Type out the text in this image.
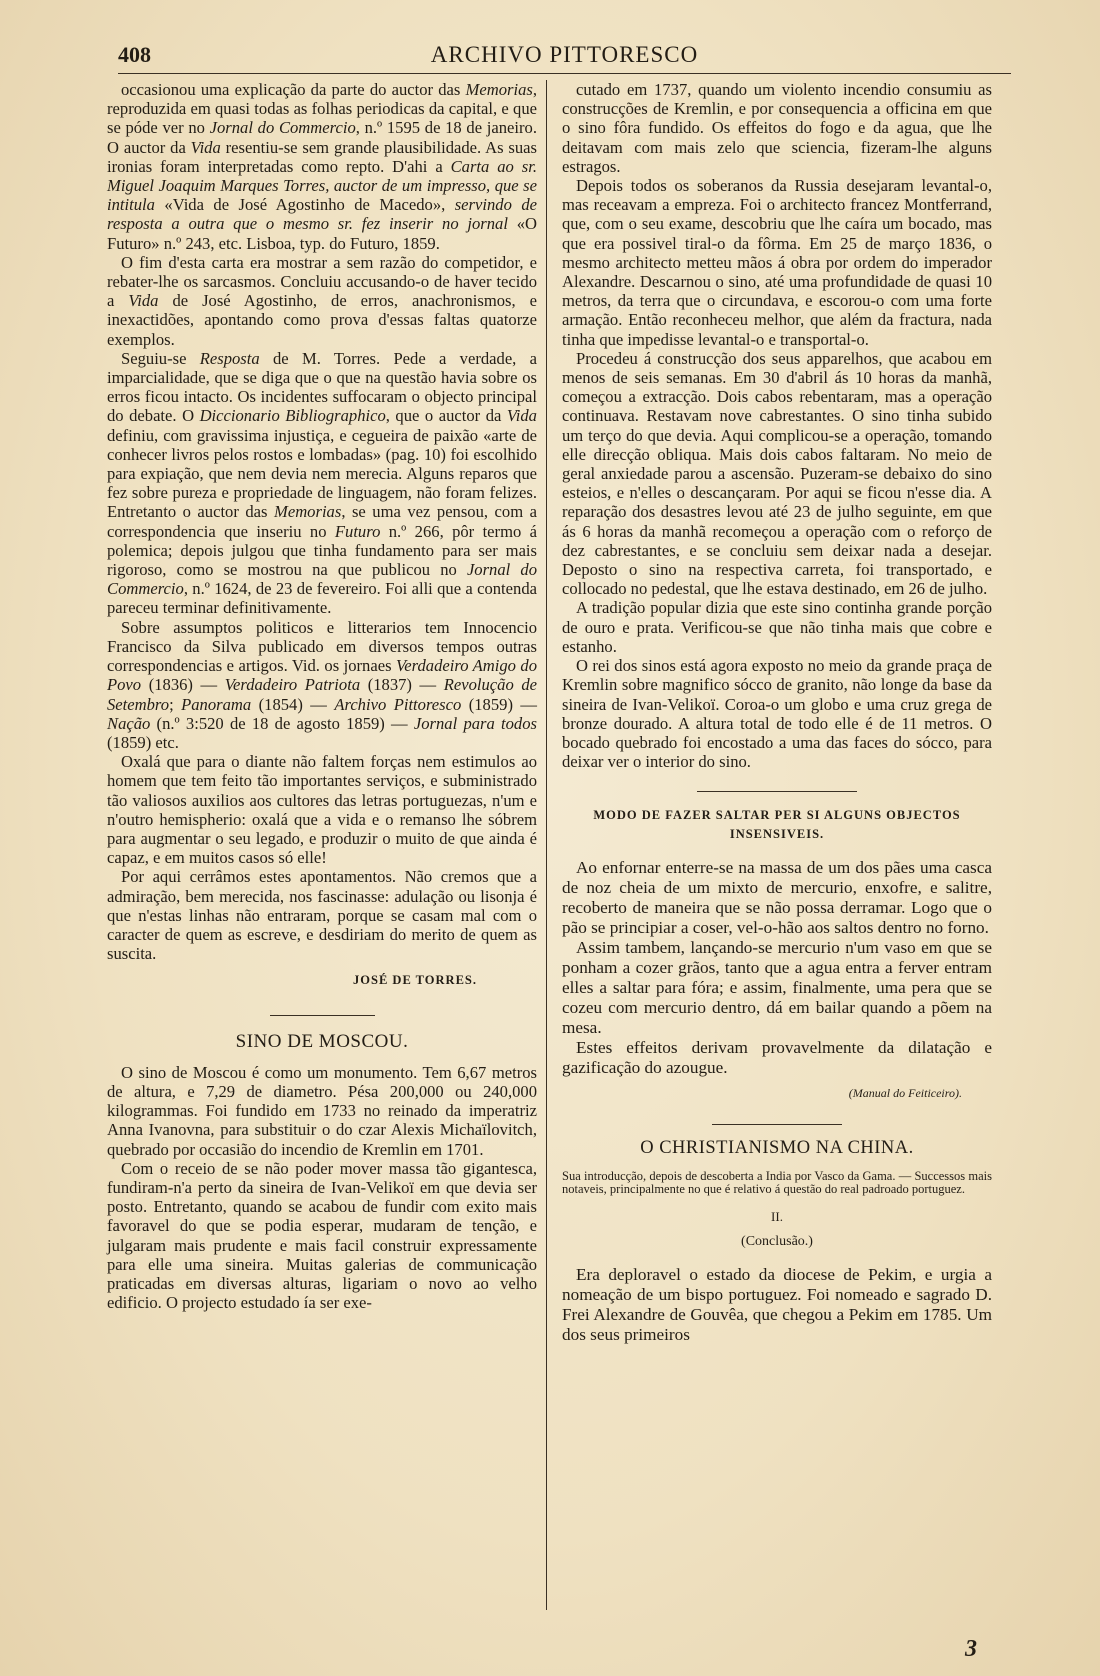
408	ARCHIVO PITTORESCO

occasionou uma explicação da parte do auctor das Memorias, reproduzida em quasi todas as folhas periodicas da capital, e que se póde ver no Jornal do Commercio, n.º 1595 de 18 de janeiro. O auctor da Vida resentiu-se sem grande plausibilidade. As suas ironias foram interpretadas como repto. D'ahi a Carta ao sr. Miguel Joaquim Marques Torres, auctor de um impresso, que se intitula «Vida de José Agostinho de Macedo», servindo de resposta a outra que o mesmo sr. fez inserir no jornal «O Futuro» n.º 243, etc. Lisboa, typ. do Futuro, 1859.

O fim d'esta carta era mostrar a sem razão do competidor, e rebater-lhe os sarcasmos. Concluiu accusando-o de haver tecido a Vida de José Agostinho, de erros, anachronismos, e inexactidões, apontando como prova d'essas faltas quatorze exemplos.

Seguiu-se Resposta de M. Torres. Pede a verdade, a imparcialidade, que se diga que o que na questão havia sobre os erros ficou intacto. Os incidentes suffocaram o objecto principal do debate. O Diccionario Bibliographico, que o auctor da Vida definiu, com gravissima injustiça, e cegueira de paixão «arte de conhecer livros pelos rostos e lombadas» (pag. 10) foi escolhido para expiação, que nem devia nem merecia. Alguns reparos que fez sobre pureza e propriedade de linguagem, não foram felizes. Entretanto o auctor das Memorias, se uma vez pensou, com a correspondencia que inseriu no Futuro n.º 266, pôr termo á polemica; depois julgou que tinha fundamento para ser mais rigoroso, como se mostrou na que publicou no Jornal do Commercio, n.º 1624, de 23 de fevereiro. Foi alli que a contenda pareceu terminar definitivamente.

Sobre assumptos politicos e litterarios tem Innocencio Francisco da Silva publicado em diversos tempos outras correspondencias e artigos. Vid. os jornaes Verdadeiro Amigo do Povo (1836) — Verdadeiro Patriota (1837) — Revolução de Setembro; Panorama (1854) — Archivo Pittoresco (1859) — Nação (n.º 3:520 de 18 de agosto 1859) — Jornal para todos (1859) etc.

Oxalá que para o diante não faltem forças nem estimulos ao homem que tem feito tão importantes serviços, e subministrado tão valiosos auxilios aos cultores das letras portuguezas, n'um e n'outro hemispherio: oxalá que a vida e o remanso lhe sóbrem para augmentar o seu legado, e produzir o muito de que ainda é capaz, e em muitos casos só elle!

Por aqui cerrâmos estes apontamentos. Não cremos que a admiração, bem merecida, nos fascinasse: adulação ou lisonja é que n'estas linhas não entraram, porque se casam mal com o caracter de quem as escreve, e desdiriam do merito de quem as suscita.

JOSÉ DE TORRES.
SINO DE MOSCOU.

O sino de Moscou é como um monumento. Tem 6,67 metros de altura, e 7,29 de diametro. Pésa 200,000 ou 240,000 kilogrammas. Foi fundido em 1733 no reinado da imperatriz Anna Ivanovna, para substituir o do czar Alexis Michaïlovitch, quebrado por occasião do incendio de Kremlin em 1701.

Com o receio de se não poder mover massa tão gigantesca, fundiram-n'a perto da sineira de Ivan-Velikoï em que devia ser posto. Entretanto, quando se acabou de fundir com exito mais favoravel do que se podia esperar, mudaram de tenção, e julgaram mais prudente e mais facil construir expressamente para elle uma sineira. Muitas galerias de communicação praticadas em diversas alturas, ligariam o novo ao velho edificio. O projecto estudado ía ser exe-

cutado em 1737, quando um violento incendio consumiu as construcções de Kremlin, e por consequencia a officina em que o sino fôra fundido. Os effeitos do fogo e da agua, que lhe deitavam com mais zelo que sciencia, fizeram-lhe alguns estragos.

Depois todos os soberanos da Russia desejaram levantal-o, mas receavam a empreza. Foi o architecto francez Montferrand, que, com o seu exame, descobriu que lhe caíra um bocado, mas que era possivel tiral-o da fôrma. Em 25 de março 1836, o mesmo architecto metteu mãos á obra por ordem do imperador Alexandre. Descarnou o sino, até uma profundidade de quasi 10 metros, da terra que o circundava, e escorou-o com uma forte armação. Então reconheceu melhor, que além da fractura, nada tinha que impedisse levantal-o e transportal-o.

Procedeu á construcção dos seus apparelhos, que acabou em menos de seis semanas. Em 30 d'abril ás 10 horas da manhã, começou a extracção. Dois cabos rebentaram, mas a operação continuava. Restavam nove cabrestantes. O sino tinha subido um terço do que devia. Aqui complicou-se a operação, tomando elle direcção obliqua. Mais dois cabos faltaram. No meio de geral anxiedade parou a ascensão. Puzeram-se debaixo do sino esteios, e n'elles o descançaram. Por aqui se ficou n'esse dia. A reparação dos desastres levou até 23 de julho seguinte, em que ás 6 horas da manhã recomeçou a operação com o reforço de dez cabrestantes, e se concluiu sem deixar nada a desejar. Deposto o sino na respectiva carreta, foi transportado, e collocado no pedestal, que lhe estava destinado, em 26 de julho.

A tradição popular dizia que este sino continha grande porção de ouro e prata. Verificou-se que não tinha mais que cobre e estanho.

O rei dos sinos está agora exposto no meio da grande praça de Kremlin sobre magnifico sócco de granito, não longe da base da sineira de Ivan-Velikoï. Coroa-o um globo e uma cruz grega de bronze dourado. A altura total de todo elle é de 11 metros. O bocado quebrado foi encostado a uma das faces do sócco, para deixar ver o interior do sino.

MODO DE FAZER SALTAR PER SI ALGUNS OBJECTOS INSENSIVEIS.

Ao enfornar enterre-se na massa de um dos pães uma casca de noz cheia de um mixto de mercurio, enxofre, e salitre, recoberto de maneira que se não possa derramar. Logo que o pão se principiar a coser, vel-o-hão aos saltos dentro no forno.

Assim tambem, lançando-se mercurio n'um vaso em que se ponham a cozer grãos, tanto que a agua entra a ferver entram elles a saltar para fóra; e assim, finalmente, uma pera que se cozeu com mercurio dentro, dá em bailar quando a põem na mesa.

Estes effeitos derivam provavelmente da dilatação e gazificação do azougue.

(Manual do Feiticeiro).
O CHRISTIANISMO NA CHINA.

Sua introducção, depois de descoberta a India por Vasco da Gama. — Successos mais notaveis, principalmente no que é relativo á questão do real padroado portuguez.

II.
(Conclusão.)

Era deploravel o estado da diocese de Pekim, e urgia a nomeação de um bispo portuguez. Foi nomeado e sagrado D. Frei Alexandre de Gouvêa, que chegou a Pekim em 1785. Um dos seus primeiros

3
